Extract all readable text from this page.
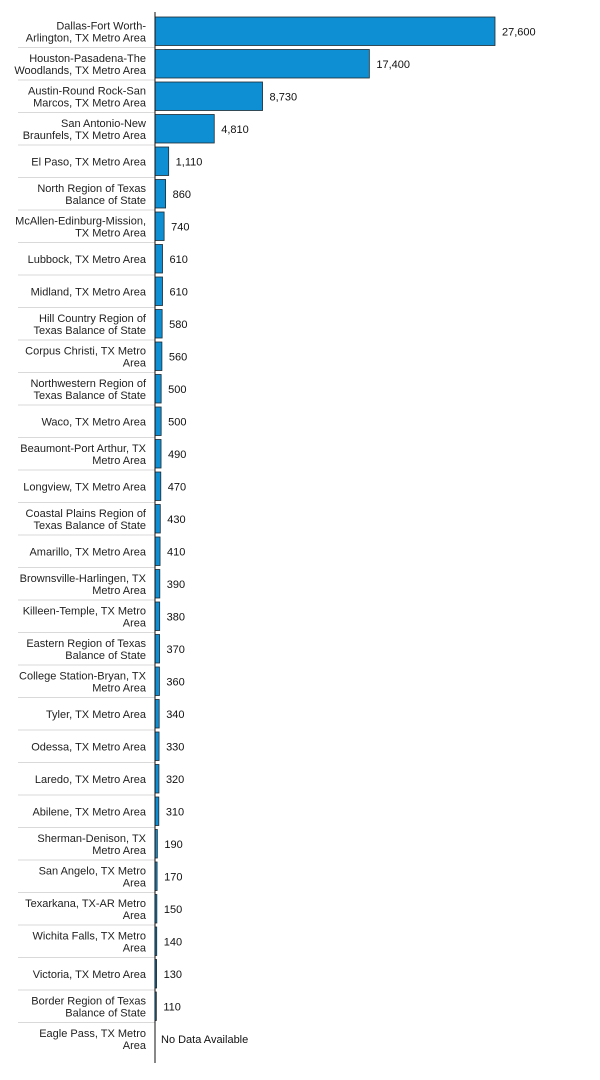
Dallas-Fort Worth-Arlington, TX Metro Area	27,600
Houston-Pasadena-The Woodlands, TX Metro Area	17,400
Austin-Round Rock-San Marcos, TX Metro Area	8,730
San Antonio-New Braunfels, TX Metro Area	4,810
El Paso, TX Metro Area	1,110
North Region of Texas Balance of State 860
McAllen-Edinburg-Mission, TX Metro Area 740
Lubbock, TX Metro Area 610
Midland, TX Metro Area 610
Hill Country Region of Texas Balance of State 580
Corpus Christi, TX Metro Area 560
Northwestern Region of Texas Balance of State 500
Waco, TX Metro Area 500
Beaumont-Port Arthur, TX Metro Area 490
Longview, TX Metro Area 470
Coastal Plains Region of Texas Balance of State 430
Amarillo, TX Metro Area 410
Brownsville-Harlingen, TX Metro Area 390
Killeen-Temple, TX Metro Area 380
Eastern Region of Texas Balance of State 370
College Station-Bryan, TX Metro Area 360
Tyler, TX Metro Area 340
Odessa, TX Metro Area 330
Laredo, TX Metro Area 320
Abilene, TX Metro Area 310
Sherman-Denison, TX Metro Area 190
San Angelo, TX Metro Area 170
Texarkana, TX-AR Metro Area 150
Wichita Falls, TX Metro Area 140
Victoria, TX Metro Area 130
Border Region of Texas Balance of State 110
Eagle Pass, TX Metro Area No Data Available
